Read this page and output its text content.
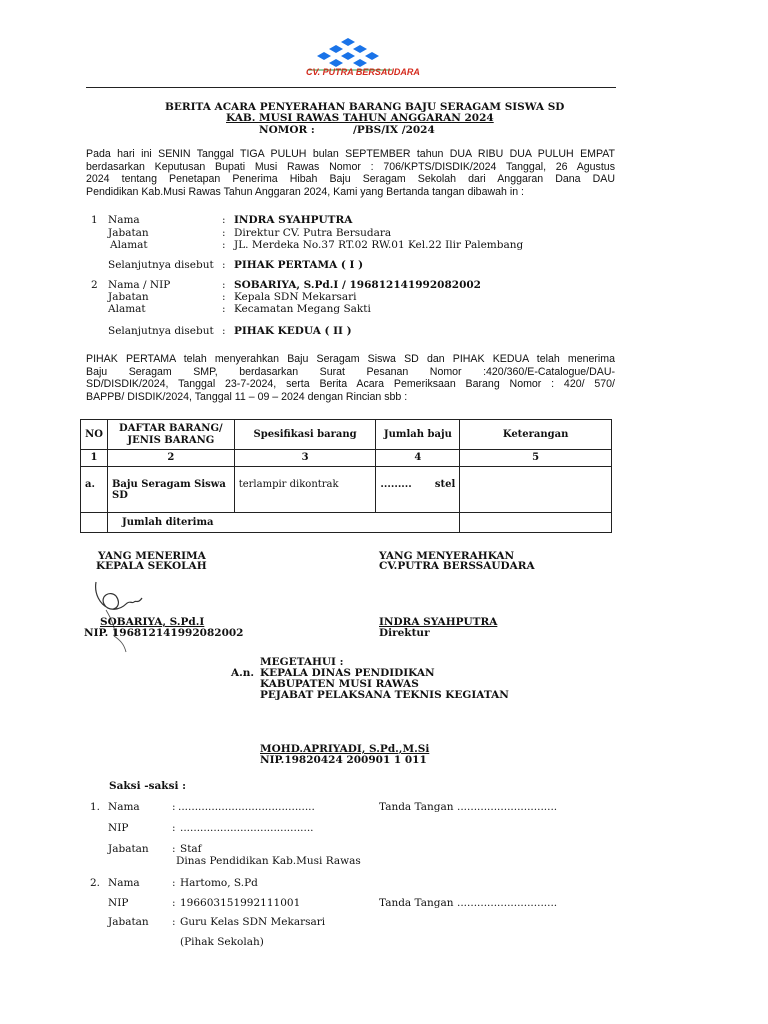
CV. PUTRA BERSAUDARA
BERITA ACARA PENYERAHAN BARANG BAJU SERAGAM SISWA SD
KAB. MUSI RAWAS TAHUN ANGGARAN 2024
NOMOR :	/PBS/IX /2024
Pada hari ini SENIN Tanggal TIGA PULUH bulan SEPTEMBER tahun DUA RIBU DUA PULUH EMPAT
berdasarkan Keputusan Bupati Musi Rawas Nomor : 706/KPTS/DISDIK/2024 Tanggal, 26 Agustus
2024 tentang Penetapan Penerima Hibah Baju Seragam Sekolah dari Anggaran Dana DAU
Pendidikan Kab.Musi Rawas Tahun Anggaran 2024, Kami yang Bertanda tangan dibawah in :
1 Nama	: INDRA SYAHPUTRA
Jabatan	: Direktur CV. Putra Bersudara
Alamat	: JL. Merdeka No.37 RT.02 RW.01 Kel.22 Ilir Palembang
Selanjutnya disebut : PIHAK PERTAMA ( I )
2 Nama / NIP	: SOBARIYA, S.Pd.I / 196812141992082002
Jabatan	: Kepala SDN Mekarsari
Alamat	: Kecamatan Megang Sakti
Selanjutnya disebut : PIHAK KEDUA ( II )
PIHAK PERTAMA telah menyerahkan Baju Seragam Siswa SD dan PIHAK KEDUA telah menerima
Baju Seragam SMP, berdasarkan Surat Pesanan Nomor :420/360/E-Catalogue/DAU-
SD/DISDIK/2024, Tanggal 23-7-2024, serta Berita Acara Pemeriksaan Barang Nomor : 420/ 570/
BAPPB/ DISDIK/2024, Tanggal 11 – 09 – 2024 dengan Rincian sbb :
NO	DAFTAR BARANG/ JENIS BARANG	Spesifikasi barang	Jumlah baju	Keterangan
1	2	3	4	5
a.	Baju Seragam Siswa SD	terlampir dikontrak	......... stel	

	Jumlah diterima			
YANG MENERIMA
KEPALA SEKOLAH
YANG MENYERAHKAN
CV.PUTRA BERSSAUDARA
SOBARIYA, S.Pd.I
NIP. 196812141992082002
INDRA SYAHPUTRA
Direktur
MEGETAHUI :
A.n. KEPALA DINAS PENDIDIKAN
KABUPATEN MUSI RAWAS
PEJABAT PELAKSANA TEKNIS KEGIATAN
MOHD.APRIYADI, S.Pd.,M.Si
NIP.19820424 200901 1 011
Saksi -saksi :
1. Nama	: .........................................	Tanda Tangan ..............................
NIP	: ........................................
Jabatan : Staf
Dinas Pendidikan Kab.Musi Rawas
2. Nama	: Hartomo, S.Pd
NIP	: 196603151992111001	Tanda Tangan ..............................
Jabatan : Guru Kelas SDN Mekarsari
(Pihak Sekolah)
